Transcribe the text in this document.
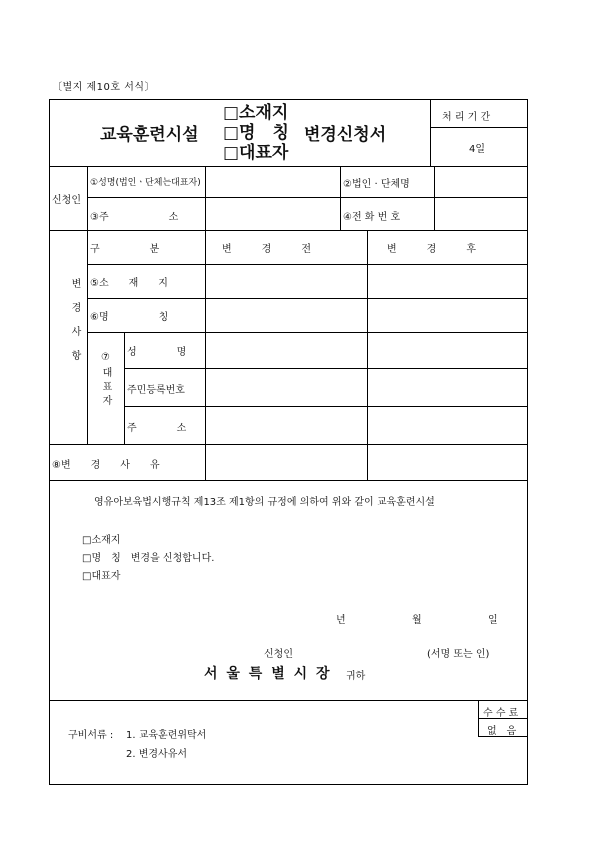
〔별지 제10호 서식〕
교육훈련시설
□소재지
□명　칭
□대표자
변경신청서
처 리 기 간
4일
신청인
①성명(법인ㆍ단체는대표자)	②법인 · 단체명
③주　　　　　　소	④전 화 번 호
변경사항
구　　　　　분	변　　　경　　　전	변　　　경　　　후
⑤소　　재　　지
⑥명　　　　　칭
⑦대표자 성　　　　명
주민등록번호
주　　　　소
⑧변　　경　　사　　유
영유아보육법시행규칙 제13조 제1항의 규정에 의하여 위와 같이 교육훈련시설
□소재지
□명　칭　변경을 신청합니다.
□대표자
년	월	일
신청인	(서명 또는 인)
서 울 특 별 시 장 귀하
수 수 료
없　음
구비서류 : 1. 교육훈련위탁서
2. 변경사유서
